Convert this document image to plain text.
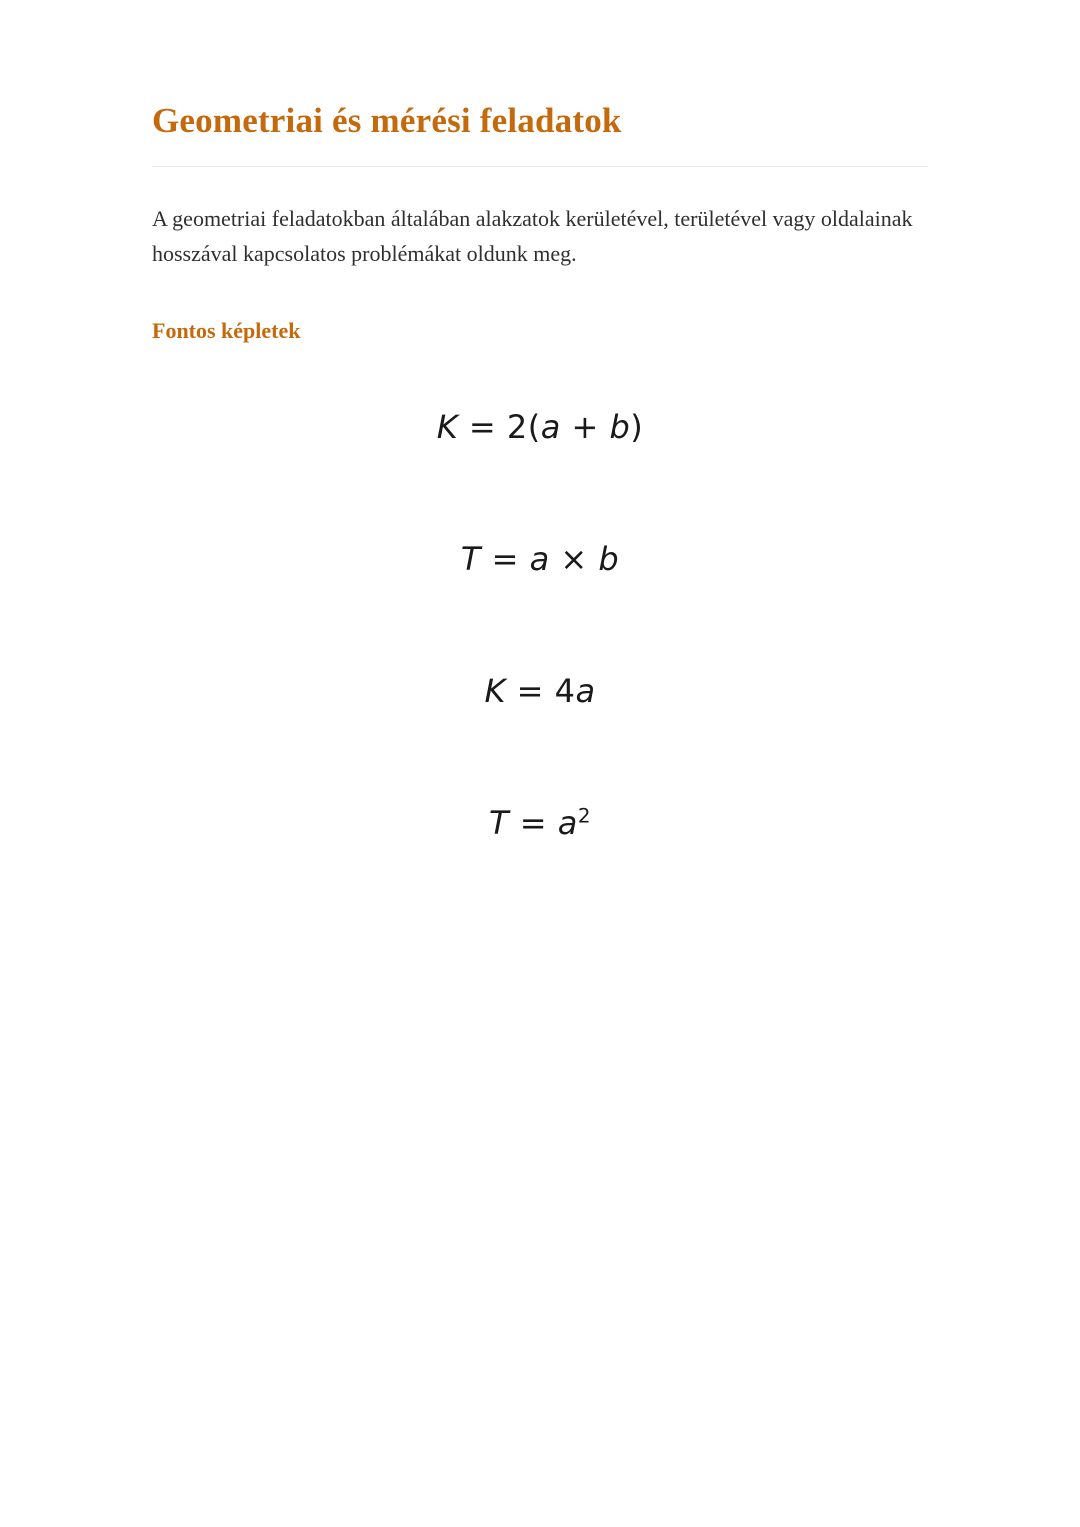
Geometriai és mérési feladatok

A geometriai feladatokban általában alakzatok kerületével, területével vagy oldalainak hosszával kapcsolatos problémákat oldunk meg.

Fontos képletek
K = 2(a + b)
T = a × b
K = 4a
$T = a^2$
